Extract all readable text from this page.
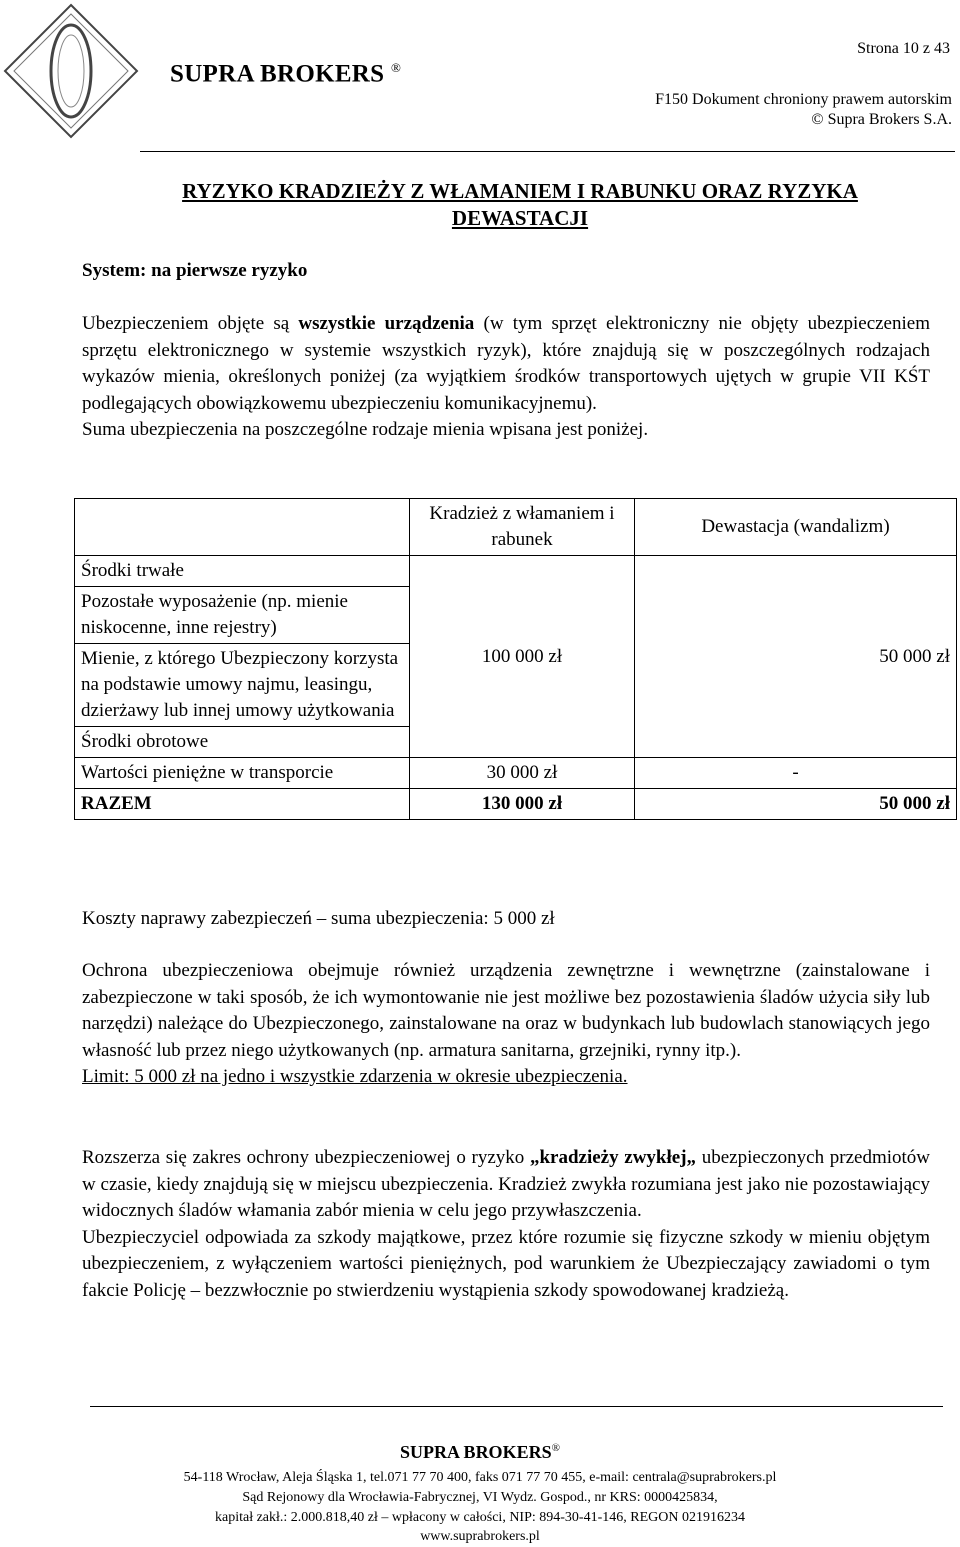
SUPRA BROKERS ®
Strona 10 z 43
F150 Dokument chroniony prawem autorskim
© Supra Brokers S.A.
RYZYKO KRADZIEŻY Z WŁAMANIEM I RABUNKU ORAZ RYZYKA
DEWASTACJI
System: na pierwsze ryzyko

Ubezpieczeniem objęte są wszystkie urządzenia (w tym sprzęt elektroniczny nie objęty ubezpieczeniem sprzętu elektronicznego w systemie wszystkich ryzyk), które znajdują się w poszczególnych rodzajach wykazów mienia, określonych poniżej (za wyjątkiem środków transportowych ujętych w grupie VII KŚT podlegających obowiązkowemu ubezpieczeniu komunikacyjnemu).

Suma ubezpieczenia na poszczególne rodzaje mienia wpisana jest poniżej.

	Kradzież z włamaniem i rabunek	Dewastacja (wandalizm)
Środki trwałe	100 000 zł	50 000 zł
Pozostałe wyposażenie (np. mienie niskocenne, inne rejestry)		
Mienie, z którego Ubezpieczony korzysta na podstawie umowy najmu, leasingu, dzierżawy lub innej umowy użytkowania		
Środki obrotowe		
Wartości pieniężne w transporcie	30 000 zł	-
RAZEM	130 000 zł	50 000 zł
Koszty naprawy zabezpieczeń – suma ubezpieczenia: 5 000 zł

Ochrona ubezpieczeniowa obejmuje również urządzenia zewnętrzne i wewnętrzne (zainstalowane i zabezpieczone w taki sposób, że ich wymontowanie nie jest możliwe bez pozostawienia śladów użycia siły lub narzędzi) należące do Ubezpieczonego, zainstalowane na oraz w budynkach lub budowlach stanowiących jego własność lub przez niego użytkowanych (np. armatura sanitarna, grzejniki, rynny itp.).

Limit: 5 000 zł na jedno i wszystkie zdarzenia w okresie ubezpieczenia.

Rozszerza się zakres ochrony ubezpieczeniowej o ryzyko „kradzieży zwykłej„ ubezpieczonych przedmiotów w czasie, kiedy znajdują się w miejscu ubezpieczenia. Kradzież zwykła rozumiana jest jako nie pozostawiający widocznych śladów włamania zabór mienia w celu jego przywłaszczenia.

Ubezpieczyciel odpowiada za szkody majątkowe, przez które rozumie się fizyczne szkody w mieniu objętym ubezpieczeniem, z wyłączeniem wartości pieniężnych, pod warunkiem że Ubezpieczający zawiadomi o tym fakcie Policję – bezzwłocznie po stwierdzeniu wystąpienia szkody spowodowanej kradzieżą.

SUPRA BROKERS®
54-118 Wrocław, Aleja Śląska 1, tel.071 77 70 400, faks 071 77 70 455, e-mail: centrala@suprabrokers.pl
Sąd Rejonowy dla Wrocławia-Fabrycznej, VI Wydz. Gospod., nr KRS: 0000425834,
kapitał zakł.: 2.000.818,40 zł – wpłacony w całości, NIP: 894-30-41-146, REGON 021916234
www.suprabrokers.pl
